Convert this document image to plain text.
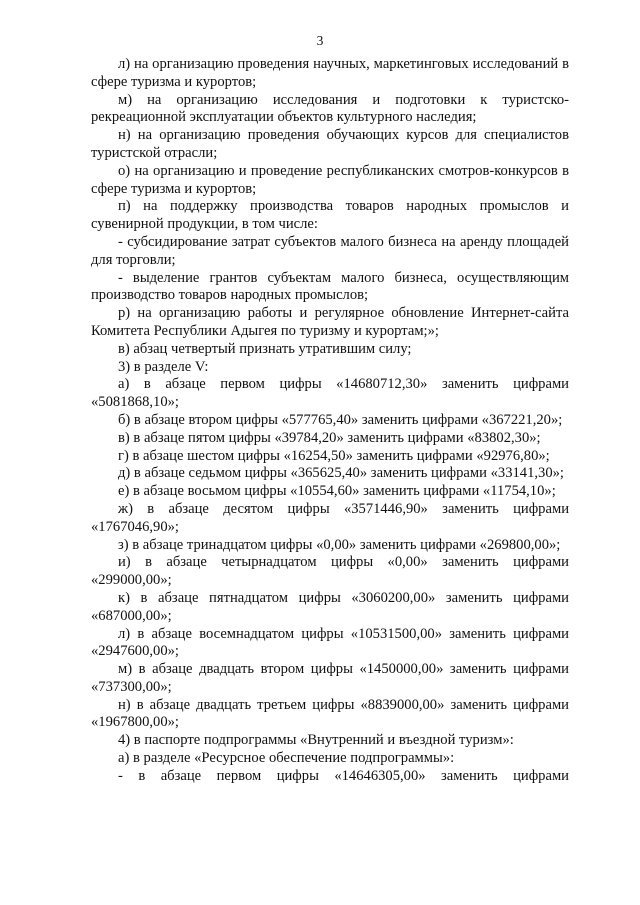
3

л) на организацию проведения научных, маркетинговых исследований в сфере туризма и курортов;

м) на организацию исследования и подготовки к туристско-рекреационной эксплуатации объектов культурного наследия;

н) на организацию проведения обучающих курсов для специалистов туристской отрасли;

о) на организацию и проведение республиканских смотров-конкурсов в сфере туризма и курортов;

п) на поддержку производства товаров народных промыслов и сувенирной продукции, в том числе:

- субсидирование затрат субъектов малого бизнеса на аренду площадей для торговли;

- выделение грантов субъектам малого бизнеса, осуществляющим производство товаров народных промыслов;

р) на организацию работы и регулярное обновление Интернет-сайта Комитета Республики Адыгея по туризму и курортам;»;

в) абзац четвертый признать утратившим силу;

3) в разделе V:

а) в абзаце первом цифры «14680712,30» заменить цифрами «5081868,10»;

б) в абзаце втором цифры «577765,40» заменить цифрами «367221,20»;

в) в абзаце пятом цифры «39784,20» заменить цифрами «83802,30»;

г) в абзаце шестом цифры «16254,50» заменить цифрами «92976,80»;

д) в абзаце седьмом цифры «365625,40» заменить цифрами «33141,30»;

е) в абзаце восьмом цифры «10554,60» заменить цифрами «11754,10»;

ж) в абзаце десятом цифры «3571446,90» заменить цифрами «1767046,90»;

з) в абзаце тринадцатом цифры «0,00» заменить цифрами «269800,00»;

и) в абзаце четырнадцатом цифры «0,00» заменить цифрами «299000,00»;

к) в абзаце пятнадцатом цифры «3060200,00» заменить цифрами «687000,00»;

л) в абзаце восемнадцатом цифры «10531500,00» заменить цифрами «2947600,00»;

м) в абзаце двадцать втором цифры «1450000,00» заменить цифрами «737300,00»;

н) в абзаце двадцать третьем цифры «8839000,00» заменить цифрами «1967800,00»;

4) в паспорте подпрограммы «Внутренний и въездной туризм»:

а) в разделе «Ресурсное обеспечение подпрограммы»:

- в абзаце первом цифры «14646305,00» заменить цифрами
